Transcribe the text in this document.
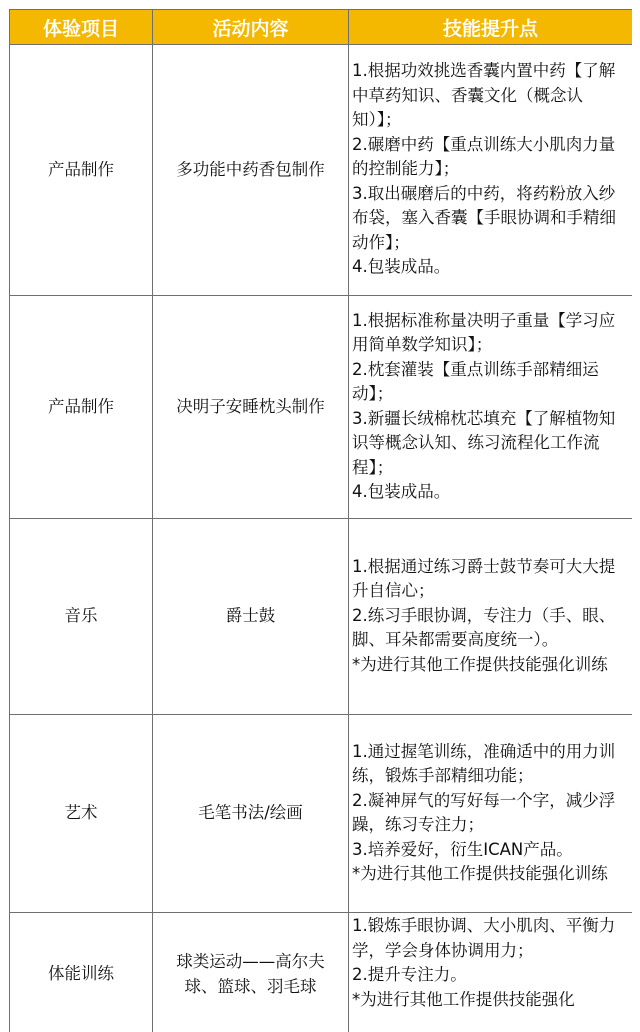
体验项目	活动内容	技能提升点
产品制作	多功能中药香包制作	1.根据功效挑选香囊内置中药【了解中草药知识、香囊文化（概念认知）】；
2.碾磨中药【重点训练大小肌肉力量的控制能力】；
3.取出碾磨后的中药，将药粉放入纱布袋，塞入香囊【手眼协调和手精细动作】；
4.包装成品。

产品制作	决明子安睡枕头制作	1.根据标准称量决明子重量【学习应用简单数学知识】；
2.枕套灌装【重点训练手部精细运动】；
3.新疆长绒棉枕芯填充【了解植物知识等概念认知、练习流程化工作流程】；
4.包装成品。

音乐	爵士鼓	1.根据通过练习爵士鼓节奏可大大提升自信心；
2.练习手眼协调，专注力（手、眼、脚、耳朵都需要高度统一）。
*为进行其他工作提供技能强化训练

艺术	毛笔书法/绘画	1.通过握笔训练，准确适中的用力训练，锻炼手部精细功能；
2.凝神屏气的写好每一个字，减少浮躁，练习专注力；
3.培养爱好，衍生ICAN产品。
*为进行其他工作提供技能强化训练

体能训练	球类运动——高尔夫球、篮球、羽毛球	1.锻炼手眼协调、大小肌肉、平衡力学，学会身体协调用力；
2.提升专注力。
*为进行其他工作提供技能强化
